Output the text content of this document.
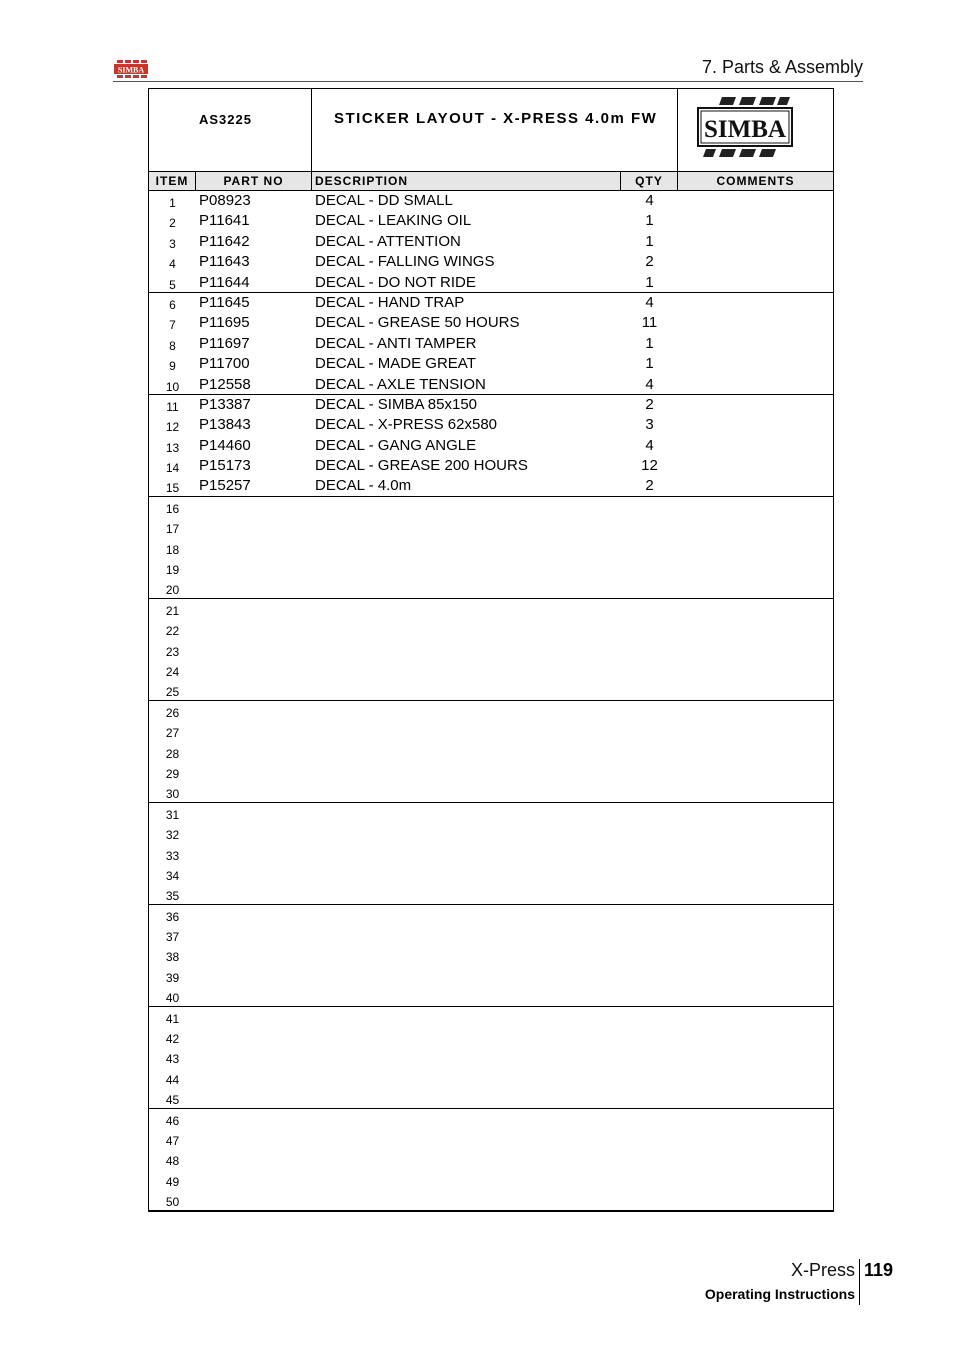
SIMBA	7. Parts & Assembly
AS3225	STICKER LAYOUT - X-PRESS 4.0m FW SIMBA
ITEM	PART NO	DESCRIPTION	QTY	COMMENTS
1	P08923	DECAL - DD SMALL	4
2	P11641	DECAL - LEAKING OIL	1
3	P11642	DECAL - ATTENTION	1
4	P11643	DECAL - FALLING WINGS	2
5	P11644	DECAL - DO NOT RIDE	1
6	P11645	DECAL - HAND TRAP	4
7	P11695	DECAL - GREASE 50 HOURS	11
8	P11697	DECAL - ANTI TAMPER	1
9	P11700	DECAL - MADE GREAT	1
10	P12558	DECAL - AXLE TENSION	4
11	P13387	DECAL - SIMBA 85x150	2
12	P13843	DECAL - X-PRESS 62x580	3
13	P14460	DECAL - GANG ANGLE	4
14	P15173	DECAL - GREASE 200 HOURS	12
15	P15257	DECAL - 4.0m	2
16
17
18
19
20
21
22
23
24
25
26
27
28
29
30
31
32
33
34
35
36
37
38
39
40
41
42
43
44
45
46
47
48
49
50
X-Press 119
Operating Instructions
